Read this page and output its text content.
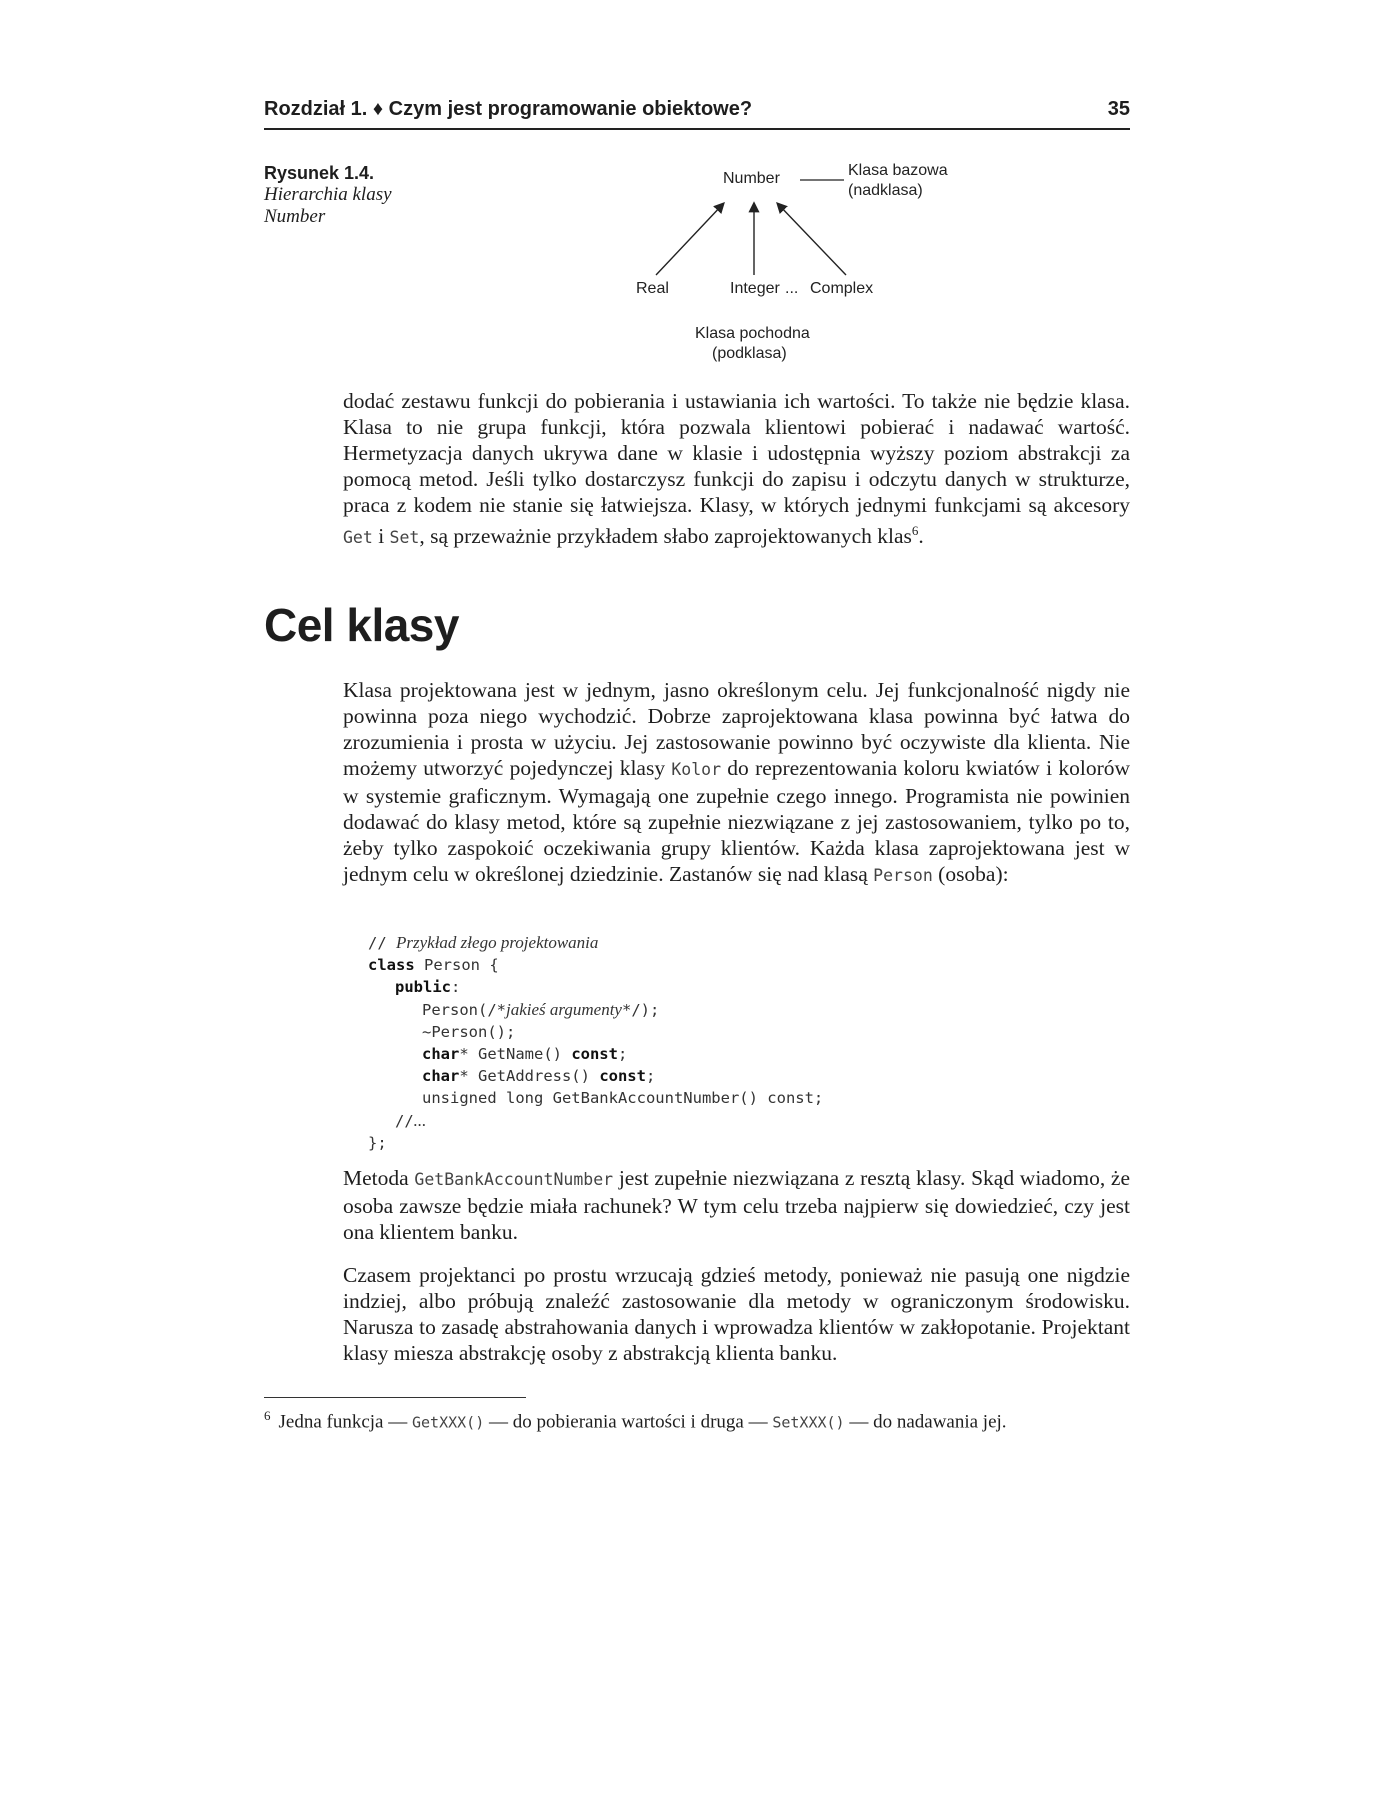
Rozdział 1. ♦ Czym jest programowanie obiektowe?	35
Rysunek 1.4.
Hierarchia klasy
Number
Number	Klasa bazowa
(nadklasa)
Real	Integer ... Complex
Klasa pochodna
(podklasa)

dodać zestawu funkcji do pobierania i ustawiania ich wartości. To także nie będzie klasa. Klasa to nie grupa funkcji, która pozwala klientowi pobierać i nadawać wartość. Hermetyzacja danych ukrywa dane w klasie i udostępnia wyższy poziom abstrakcji za pomocą metod. Jeśli tylko dostarczysz funkcji do zapisu i odczytu danych w strukturze, praca z kodem nie stanie się łatwiejsza. Klasy, w których jednymi funkcjami są akcesory Get i Set, są przeważnie przykładem słabo zaprojektowanych klas$^6$.

Cel klasy

Klasa projektowana jest w jednym, jasno określonym celu. Jej funkcjonalność nigdy nie powinna poza niego wychodzić. Dobrze zaprojektowana klasa powinna być łatwa do zrozumienia i prosta w użyciu. Jej zastosowanie powinno być oczywiste dla klienta. Nie możemy utworzyć pojedynczej klasy Kolor do reprezentowania koloru kwiatów i kolorów w systemie graficznym. Wymagają one zupełnie czego innego. Programista nie powinien dodawać do klasy metod, które są zupełnie niezwiązane z jej zastosowaniem, tylko po to, żeby tylko zaspokoić oczekiwania grupy klientów. Każda klasa zaprojektowana jest w jednym celu w określonej dziedzinie. Zastanów się nad klasą Person (osoba):

// Przykład złego projektowania
class Person {
public:
Person(/*jakieś argumenty*/);
~Person();
char* GetName() const;
char* GetAddress() const;
unsigned long GetBankAccountNumber() const;
//...
};

Metoda GetBankAccountNumber jest zupełnie niezwiązana z resztą klasy. Skąd wiadomo, że osoba zawsze będzie miała rachunek? W tym celu trzeba najpierw się dowiedzieć, czy jest ona klientem banku.

Czasem projektanci po prostu wrzucają gdzieś metody, ponieważ nie pasują one nigdzie indziej, albo próbują znaleźć zastosowanie dla metody w ograniczonym środowisku. Narusza to zasadę abstrahowania danych i wprowadza klientów w zakłopotanie. Projektant klasy miesza abstrakcję osoby z abstrakcją klienta banku.

$^6$ Jedna funkcja — GetXXX() — do pobierania wartości i druga — SetXXX() — do nadawania jej.
